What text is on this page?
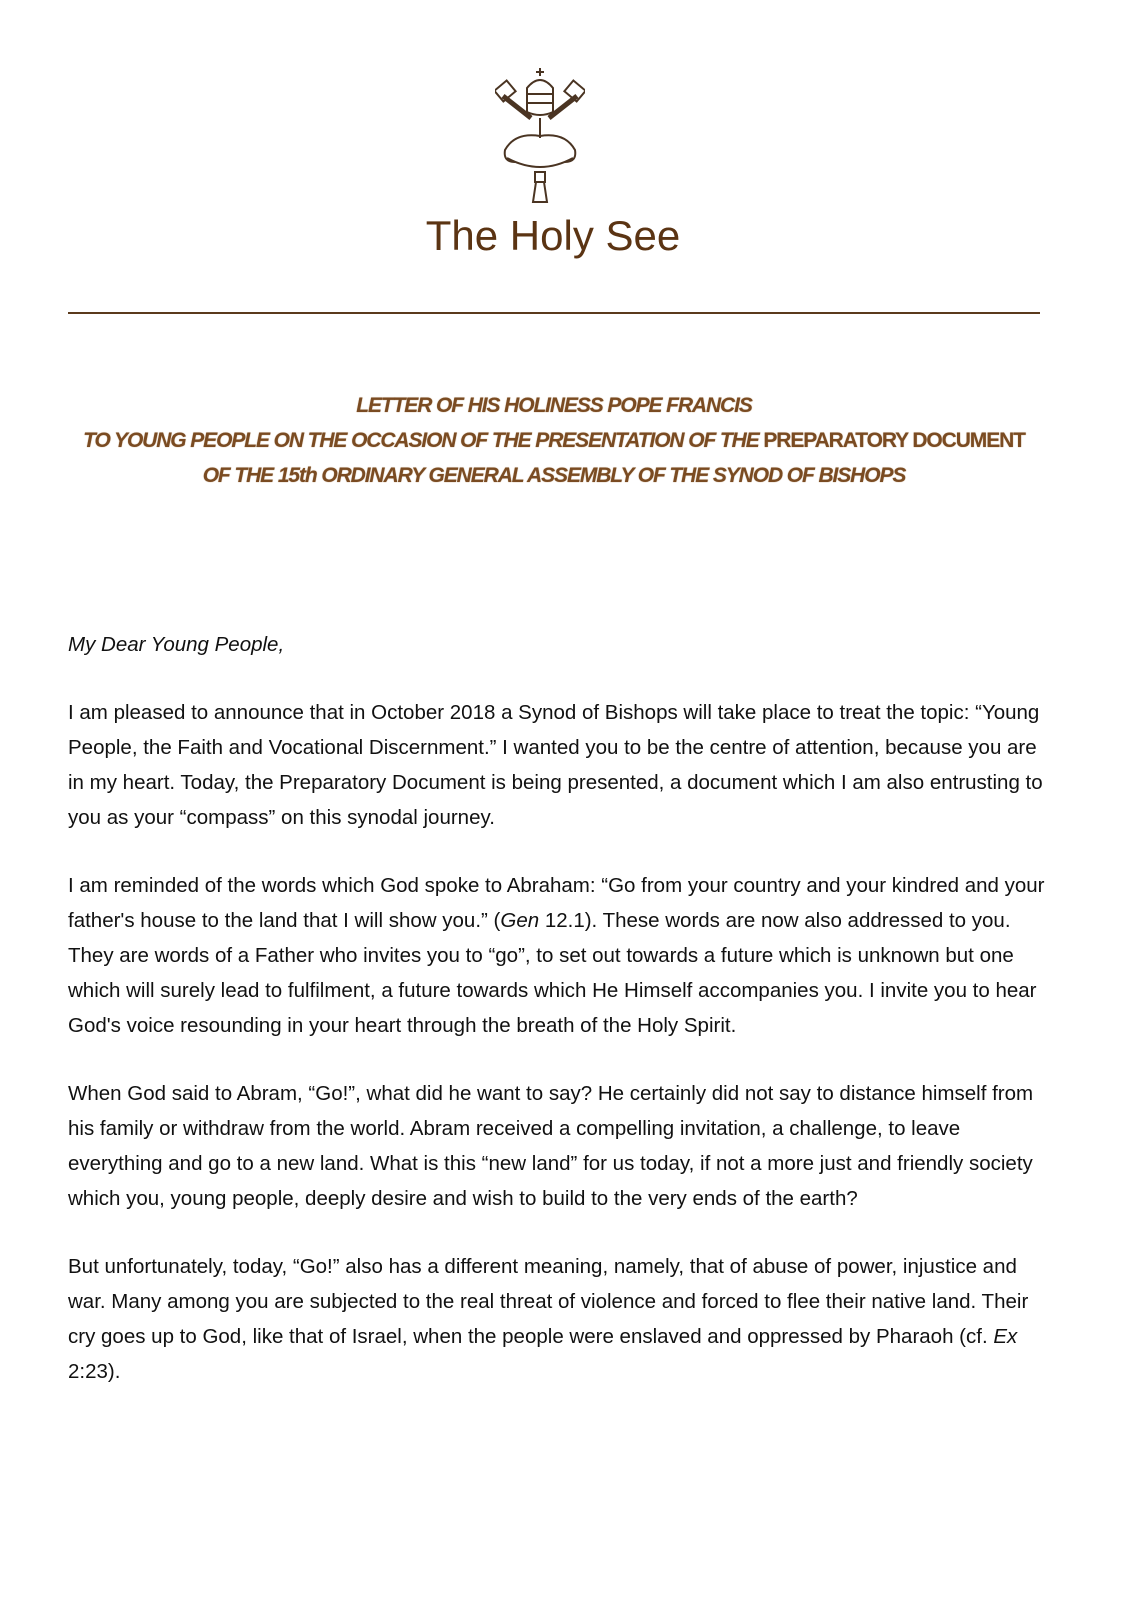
The Holy See
LETTER OF HIS HOLINESS POPE FRANCIS
TO YOUNG PEOPLE ON THE OCCASION OF THE PRESENTATION OF THE PREPARATORY DOCUMENT
OF THE 15th ORDINARY GENERAL ASSEMBLY OF THE SYNOD OF BISHOPS

My Dear Young People,

I am pleased to announce that in October 2018 a Synod of Bishops will take place to treat the topic: “Young People, the Faith and Vocational Discernment.” I wanted you to be the centre of attention, because you are in my heart. Today, the Preparatory Document is being presented, a document which I am also entrusting to you as your “compass” on this synodal journey.

I am reminded of the words which God spoke to Abraham: “Go from your country and your kindred and your father's house to the land that I will show you.” (Gen 12.1). These words are now also addressed to you. They are words of a Father who invites you to “go”, to set out towards a future which is unknown but one which will surely lead to fulfilment, a future towards which He Himself accompanies you. I invite you to hear God's voice resounding in your heart through the breath of the Holy Spirit.

When God said to Abram, “Go!”, what did he want to say? He certainly did not say to distance himself from his family or withdraw from the world. Abram received a compelling invitation, a challenge, to leave everything and go to a new land. What is this “new land” for us today, if not a more just and friendly society which you, young people, deeply desire and wish to build to the very ends of the earth?

But unfortunately, today, “Go!” also has a different meaning, namely, that of abuse of power, injustice and war. Many among you are subjected to the real threat of violence and forced to flee their native land. Their cry goes up to God, like that of Israel, when the people were enslaved and oppressed by Pharaoh (cf. Ex 2:23).
